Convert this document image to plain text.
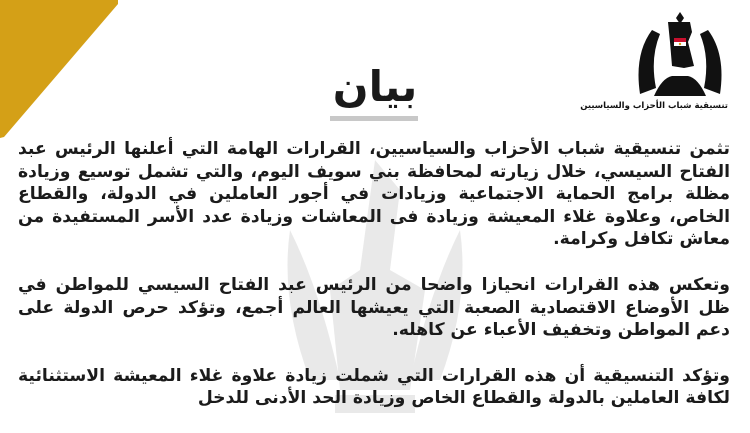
تنسيقية شباب الأحزاب والسياسيين
بيان

تثمن تنسيقية شباب الأحزاب والسياسيين، القرارات الهامة التي أعلنها الرئيس عبد الفتاح السيسي، خلال زيارته لمحافظة بني سويف اليوم، والتي تشمل توسيع وزيادة مظلة برامج الحماية الاجتماعية وزيادات في أجور العاملين في الدولة، والقطاع الخاص، وعلاوة غلاء المعيشة وزيادة فى المعاشات وزيادة عدد الأسر المستفيدة من معاش تكافل وكرامة.

وتعكس هذه القرارات انحيازا واضحا من الرئيس عبد الفتاح السيسي للمواطن في ظل الأوضاع الاقتصادية الصعبة التي يعيشها العالم أجمع، وتؤكد حرص الدولة على دعم المواطن وتخفيف الأعباء عن كاهله.

وتؤكد التنسيقية أن هذه القرارات التي شملت زيادة علاوة غلاء المعيشة الاستثنائية لكافة العاملين بالدولة والقطاع الخاص وزيادة الحد الأدنى للدخل
